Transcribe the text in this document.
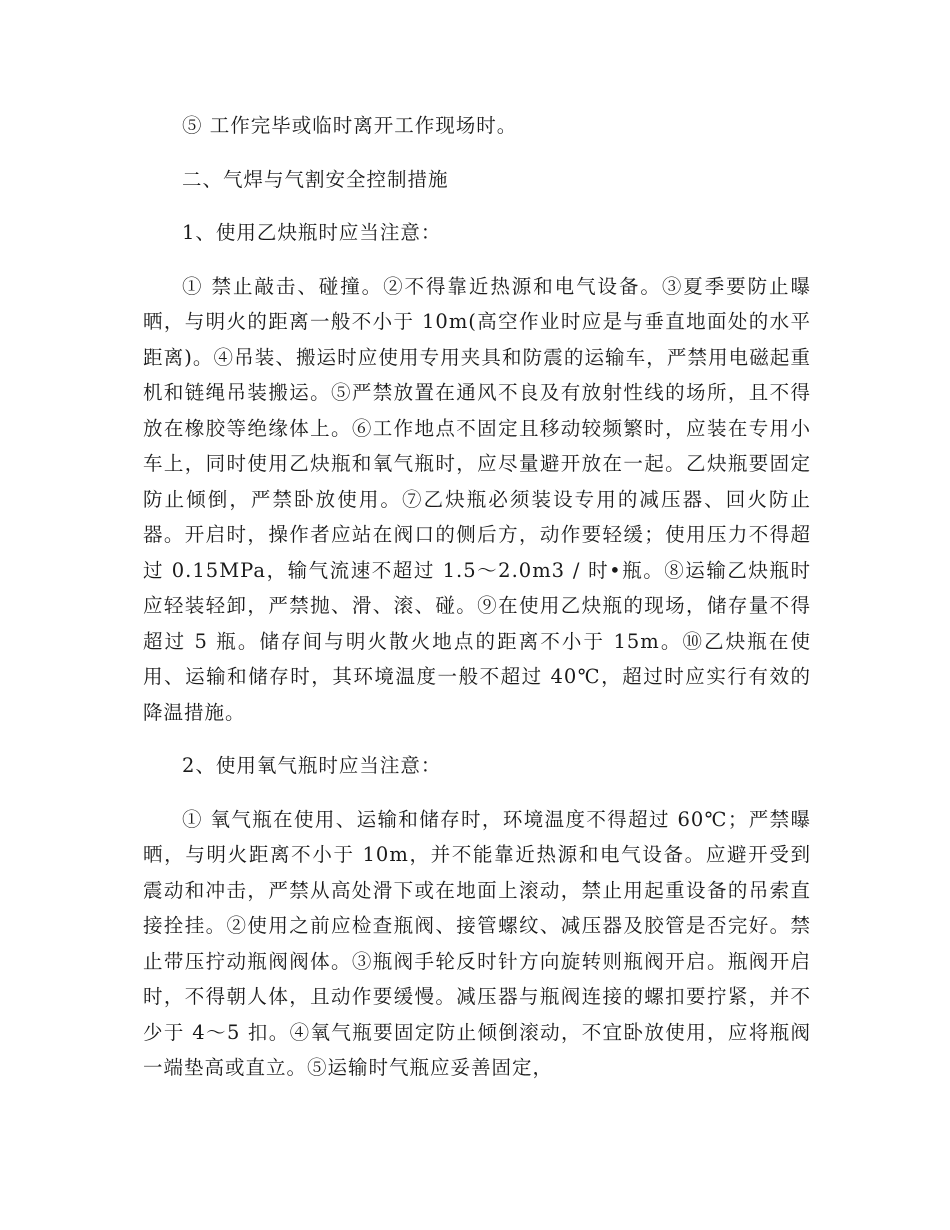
⑤ 工作完毕或临时离开工作现场时。

二、气焊与气割安全控制措施

1、使用乙炔瓶时应当注意：

① 禁止敲击、碰撞。②不得靠近热源和电气设备。③夏季要防止曝晒，与明火的距离一般不小于 10m(高空作业时应是与垂直地面处的水平距离)。④吊装、搬运时应使用专用夹具和防震的运输车，严禁用电磁起重机和链绳吊装搬运。⑤严禁放置在通风不良及有放射性线的场所，且不得放在橡胶等绝缘体上。⑥工作地点不固定且移动较频繁时，应装在专用小车上，同时使用乙炔瓶和氧气瓶时，应尽量避开放在一起。乙炔瓶要固定防止倾倒，严禁卧放使用。⑦乙炔瓶必须装设专用的减压器、回火防止器。开启时，操作者应站在阀口的侧后方，动作要轻缓；使用压力不得超过 0.15MPa，输气流速不超过 1.5～2.0m3 / 时•瓶。⑧运输乙炔瓶时应轻装轻卸，严禁抛、滑、滚、碰。⑨在使用乙炔瓶的现场，储存量不得超过 5 瓶。储存间与明火散火地点的距离不小于 15m。⑩乙炔瓶在使用、运输和储存时，其环境温度一般不超过 40℃，超过时应实行有效的降温措施。

2、使用氧气瓶时应当注意：

① 氧气瓶在使用、运输和储存时，环境温度不得超过 60℃；严禁曝晒，与明火距离不小于 10m，并不能靠近热源和电气设备。应避开受到震动和冲击，严禁从高处滑下或在地面上滚动，禁止用起重设备的吊索直接拴挂。②使用之前应检查瓶阀、接管螺纹、减压器及胶管是否完好。禁止带压拧动瓶阀阀体。③瓶阀手轮反时针方向旋转则瓶阀开启。瓶阀开启时，不得朝人体，且动作要缓慢。减压器与瓶阀连接的螺扣要拧紧，并不少于 4～5 扣。④氧气瓶要固定防止倾倒滚动，不宜卧放使用，应将瓶阀一端垫高或直立。⑤运输时气瓶应妥善固定，
